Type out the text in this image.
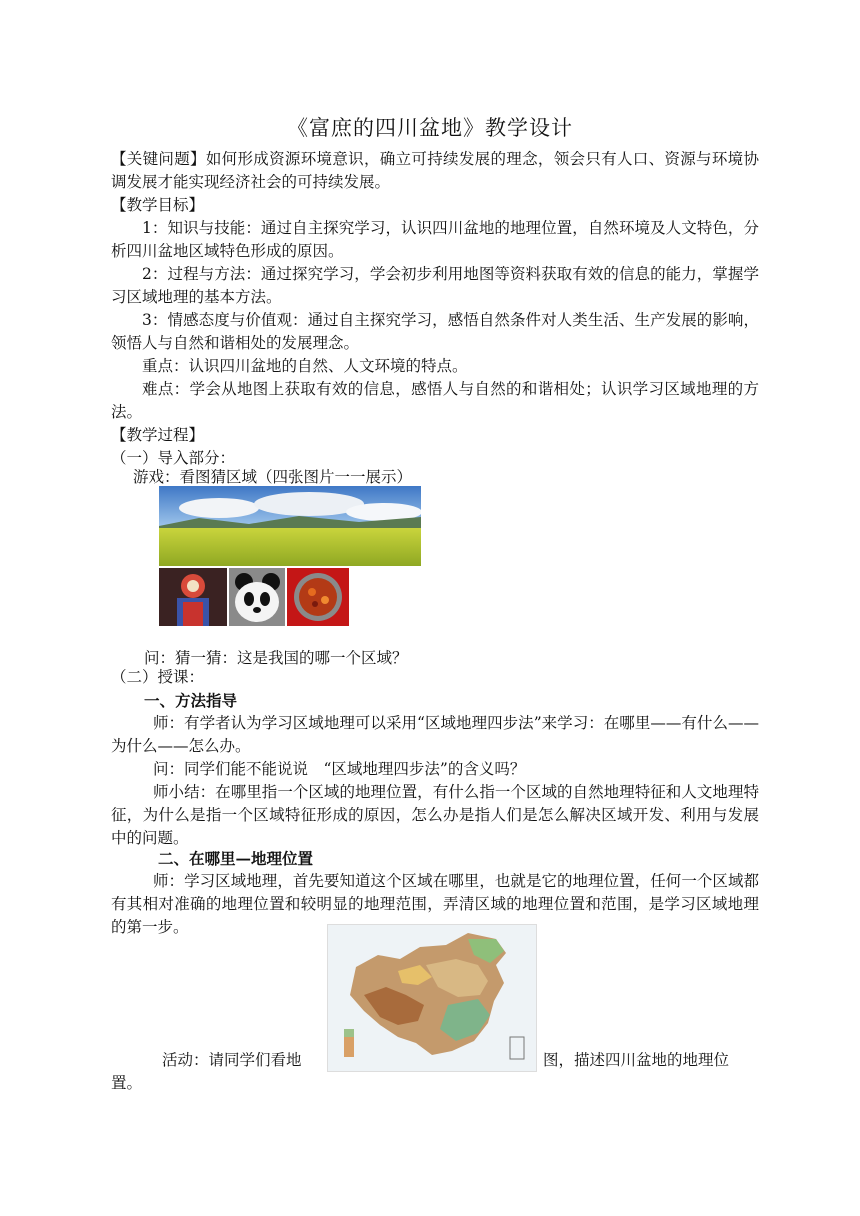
《富庶的四川盆地》教学设计
【关键问题】如何形成资源环境意识，确立可持续发展的理念，领会只有人口、资源与环境协调发展才能实现经济社会的可持续发展。
【教学目标】
1：知识与技能：通过自主探究学习，认识四川盆地的地理位置，自然环境及人文特色，分析四川盆地区域特色形成的原因。
2：过程与方法：通过探究学习，学会初步利用地图等资料获取有效的信息的能力，掌握学习区域地理的基本方法。
3：情感态度与价值观：通过自主探究学习，感悟自然条件对人类生活、生产发展的影响，领悟人与自然和谐相处的发展理念。
重点：认识四川盆地的自然、人文环境的特点。
难点：学会从地图上获取有效的信息，感悟人与自然的和谐相处；认识学习区域地理的方法。
【教学过程】
（一）导入部分：
游戏：看图猜区域（四张图片一一展示）
问：猜一猜：这是我国的哪一个区域？
（二）授课：
一、方法指导
师：有学者认为学习区域地理可以采用“区域地理四步法”来学习：在哪里——有什么——为什么——怎么办。
问：同学们能不能说说　“区域地理四步法”的含义吗？
师小结：在哪里指一个区域的地理位置，有什么指一个区域的自然地理特征和人文地理特征，为什么是指一个区域特征形成的原因，怎么办是指人们是怎么解决区域开发、利用与发展中的问题。
二、在哪里—地理位置
师：学习区域地理，首先要知道这个区域在哪里，也就是它的地理位置，任何一个区域都有其相对准确的地理位置和较明显的地理范围，弄清区域的地理位置和范围，是学习区域地理的第一步。
活动：请同学们看地	图，描述四川盆地的地理位
置。
